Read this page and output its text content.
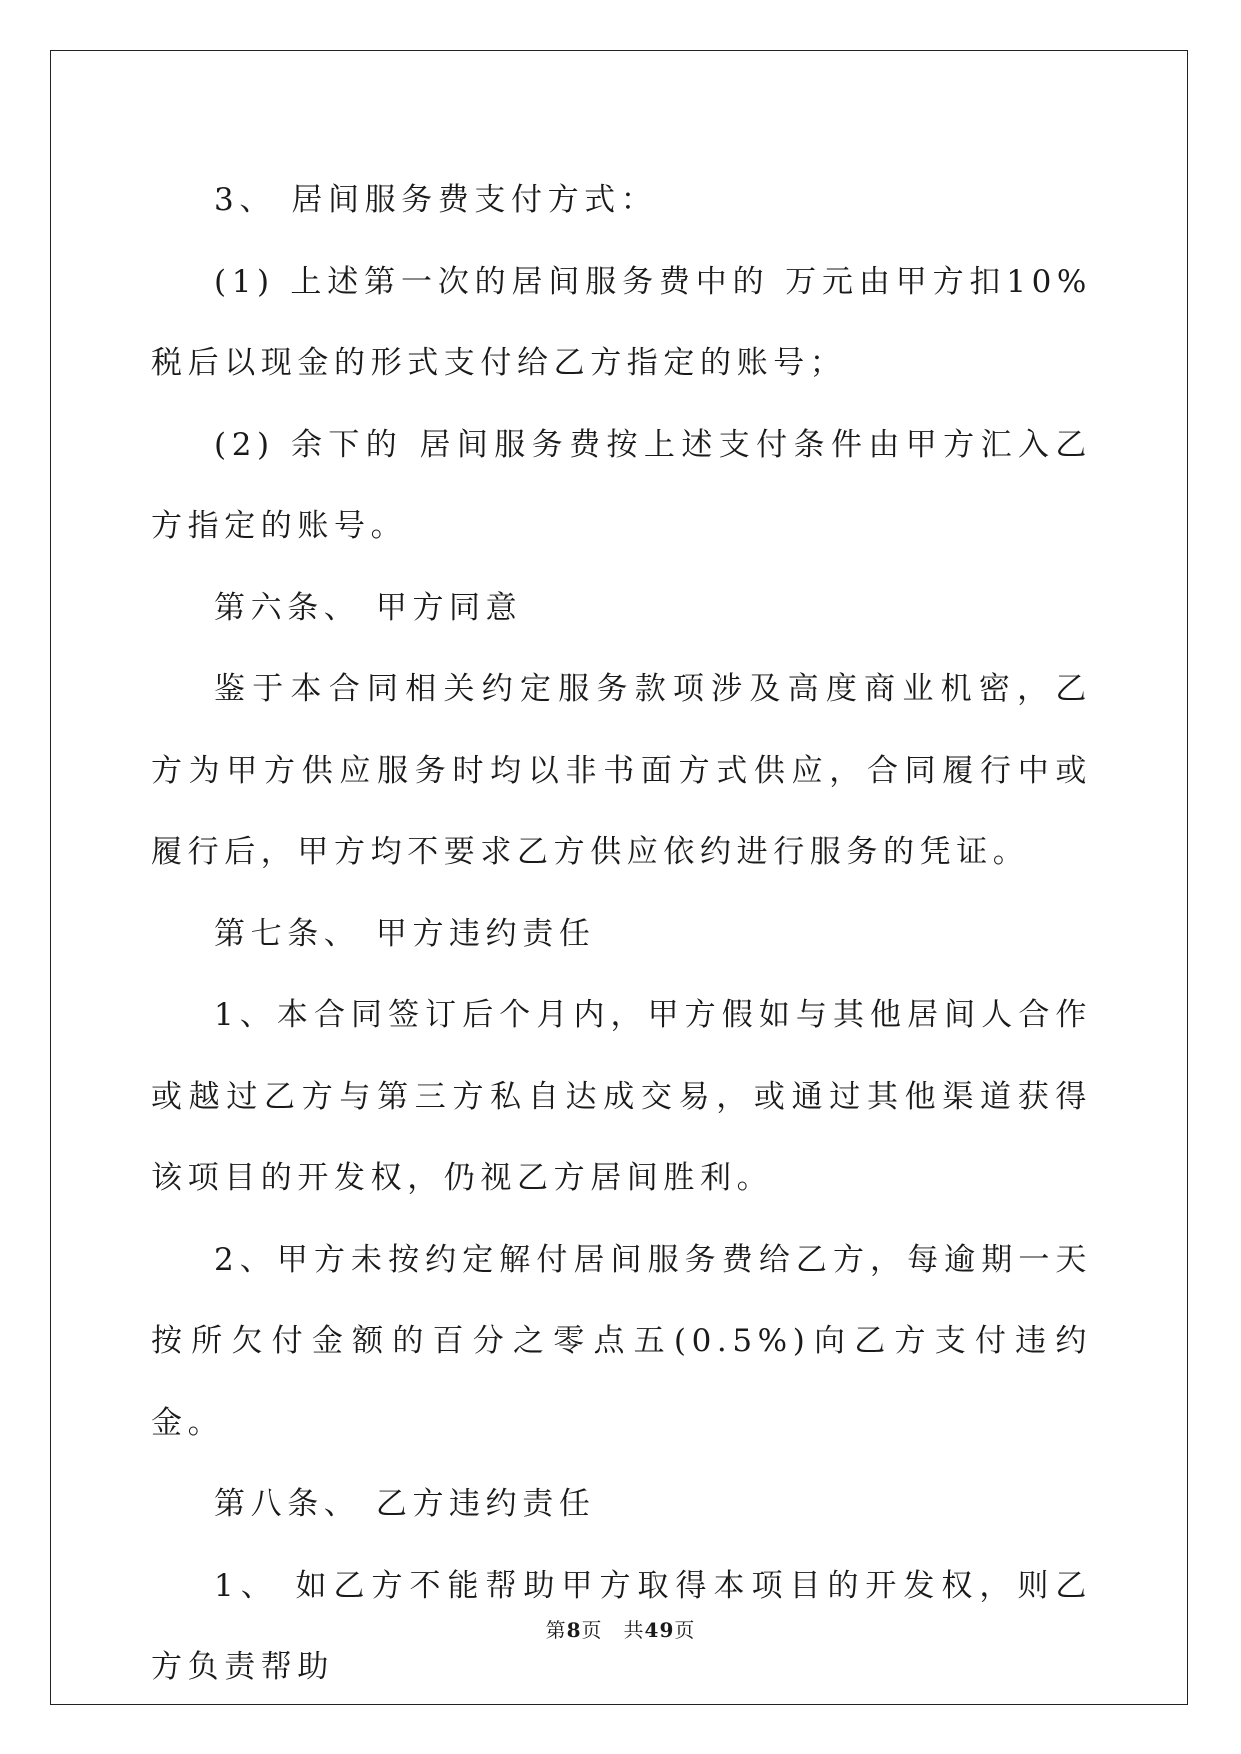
3、 居间服务费支付方式：

(1) 上述第一次的居间服务费中的 万元由甲方扣10%税后以现金的形式支付给乙方指定的账号；

(2) 余下的 居间服务费按上述支付条件由甲方汇入乙方指定的账号。

第六条、 甲方同意

鉴于本合同相关约定服务款项涉及高度商业机密，乙方为甲方供应服务时均以非书面方式供应，合同履行中或履行后，甲方均不要求乙方供应依约进行服务的凭证。

第七条、 甲方违约责任

1、本合同签订后个月内，甲方假如与其他居间人合作或越过乙方与第三方私自达成交易，或通过其他渠道获得该项目的开发权，仍视乙方居间胜利。

2、甲方未按约定解付居间服务费给乙方，每逾期一天按所欠付金额的百分之零点五(0.5%)向乙方支付违约金。

第八条、 乙方违约责任

1、 如乙方不能帮助甲方取得本项目的开发权，则乙方负责帮助

第8页　共49页
